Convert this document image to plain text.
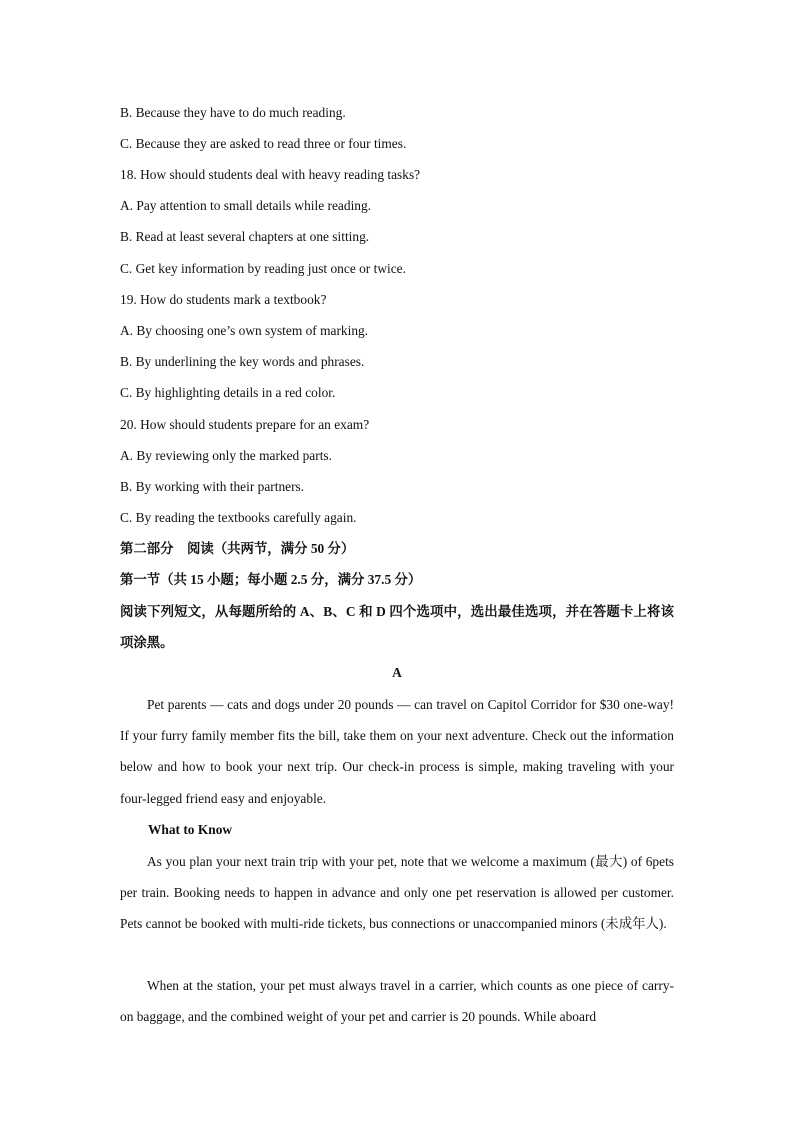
B. Because they have to do much reading.
C. Because they are asked to read three or four times.
18. How should students deal with heavy reading tasks?
A. Pay attention to small details while reading.
B. Read at least several chapters at one sitting.
C. Get key information by reading just once or twice.
19. How do students mark a textbook?
A. By choosing one’s own system of marking.
B. By underlining the key words and phrases.
C. By highlighting details in a red color.
20. How should students prepare for an exam?
A. By reviewing only the marked parts.
B. By working with their partners.
C. By reading the textbooks carefully again.
第二部分　阅读（共两节，满分 50 分）
第一节（共 15 小题；每小题 2.5 分，满分 37.5 分）
阅读下列短文，从每题所给的 A、B、C 和 D 四个选项中，选出最佳选项，并在答题卡上将该项涂黑。
A
Pet parents — cats and dogs under 20 pounds — can travel on Capitol Corridor for $30 one-way! If your furry family member fits the bill, take them on your next adventure. Check out the information below and how to book your next trip. Our check-in process is simple, making traveling with your four-legged friend easy and enjoyable.
What to Know
As you plan your next train trip with your pet, note that we welcome a maximum (最大) of 6pets per train. Booking needs to happen in advance and only one pet reservation is allowed per customer. Pets cannot be booked with multi-ride tickets, bus connections or unaccompanied minors (未成年人).
When at the station, your pet must always travel in a carrier, which counts as one piece of carry-on baggage, and the combined weight of your pet and carrier is 20 pounds. While aboard
